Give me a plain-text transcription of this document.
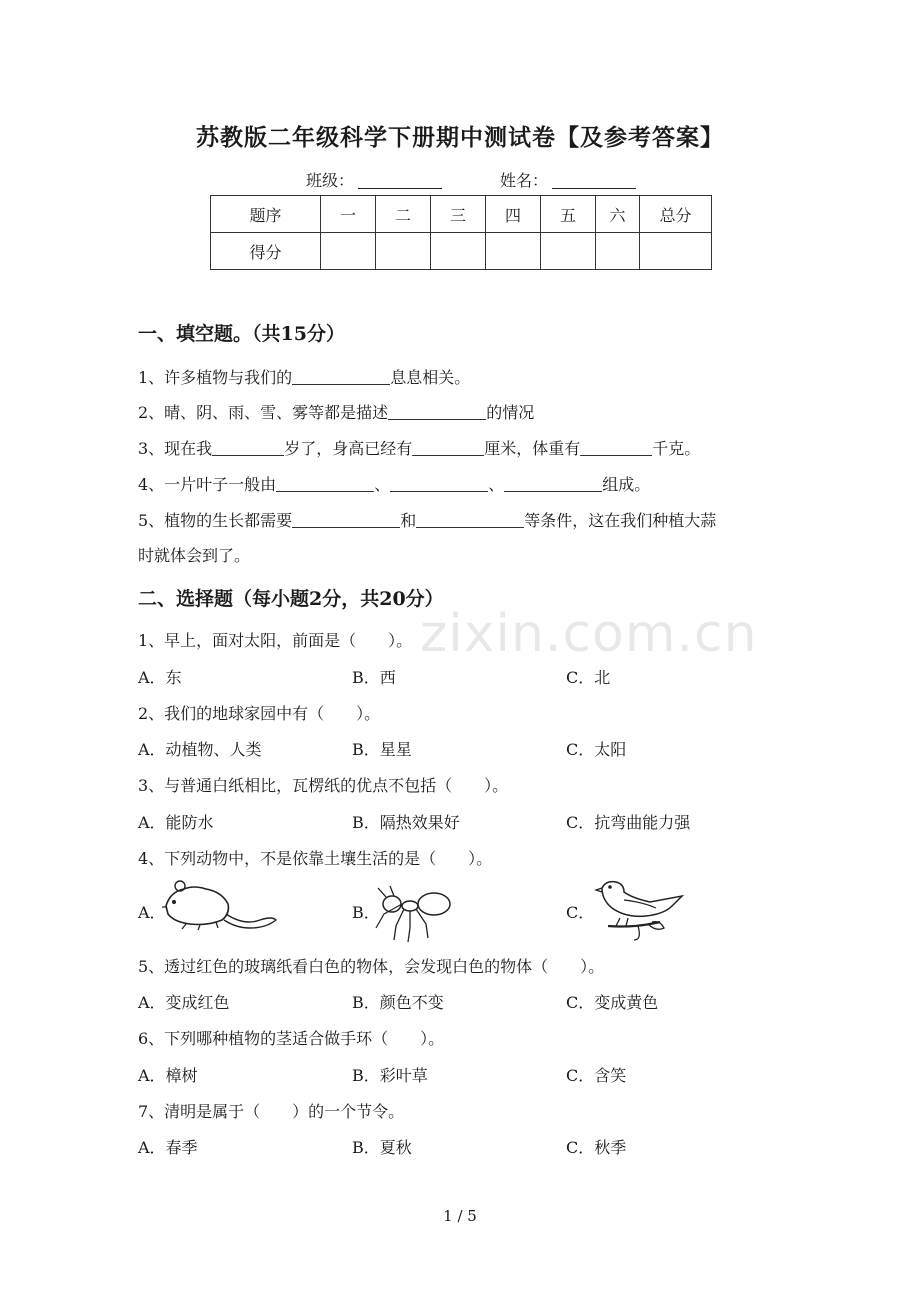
苏教版二年级科学下册期中测试卷【及参考答案】
班级：	姓名：
题序	一	二	三	四	五	六	总分
得分							
一、填空题。（共15分）
1、许多植物与我们的	息息相关。
2、晴、阴、雨、雪、雾等都是描述	的情况
3、现在我	岁了，身高已经有	厘米，体重有	千克。
4、一片叶子一般由	、	、	组成。
5、植物的生长都需要	和	等条件，这在我们种植大蒜
时就体会到了。
二、选择题（每小题2分，共20分）
zixin.com.cn
1、早上，面对太阳，前面是（　　）。
A．东	B．西	C．北
2、我们的地球家园中有（　　）。
A．动植物、人类	B．星星	C．太阳
3、与普通白纸相比，瓦楞纸的优点不包括（　　）。
A．能防水	B．隔热效果好	C．抗弯曲能力强
4、下列动物中，不是依靠土壤生活的是（　　）。
A．	B．	C．
5、透过红色的玻璃纸看白色的物体，会发现白色的物体（　　）。
A．变成红色	B．颜色不变	C．变成黄色
6、下列哪种植物的茎适合做手环（　　）。
A．樟树	B．彩叶草	C．含笑
7、清明是属于（　　）的一个节令。
A．春季	B．夏秋	C．秋季
1 / 5
